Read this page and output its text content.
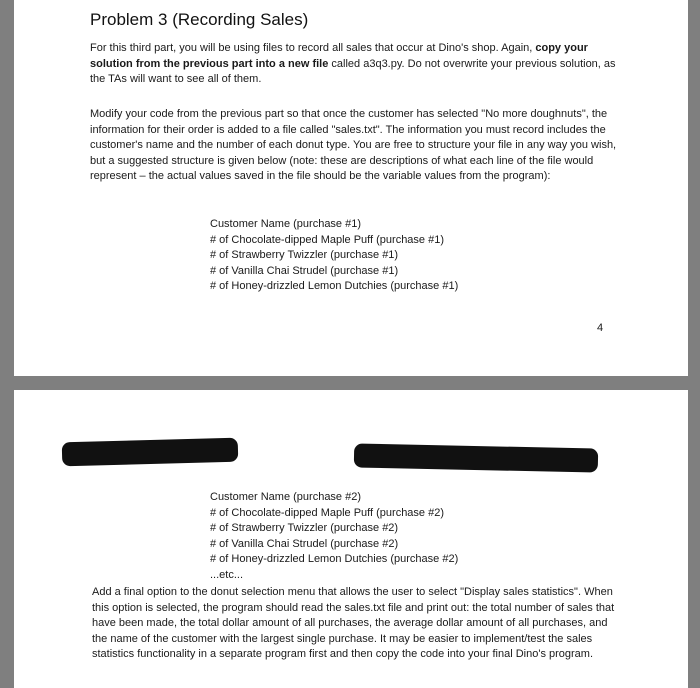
Problem 3 (Recording Sales)

For this third part, you will be using files to record all sales that occur at Dino's shop. Again, copy your solution from the previous part into a new file called a3q3.py. Do not overwrite your previous solution, as the TAs will want to see all of them.

Modify your code from the previous part so that once the customer has selected "No more doughnuts", the information for their order is added to a file called "sales.txt". The information you must record includes the customer's name and the number of each donut type. You are free to structure your file in any way you wish, but a suggested structure is given below (note: these are descriptions of what each line of the file would represent – the actual values saved in the file should be the variable values from the program):

Customer Name (purchase #1)
# of Chocolate-dipped Maple Puff (purchase #1)
# of Strawberry Twizzler (purchase #1)
# of Vanilla Chai Strudel (purchase #1)
# of Honey-drizzled Lemon Dutchies (purchase #1)
4
Customer Name (purchase #2)
# of Chocolate-dipped Maple Puff (purchase #2)
# of Strawberry Twizzler (purchase #2)
# of Vanilla Chai Strudel (purchase #2)
# of Honey-drizzled Lemon Dutchies (purchase #2)
...etc...

Add a final option to the donut selection menu that allows the user to select "Display sales statistics". When this option is selected, the program should read the sales.txt file and print out: the total number of sales that have been made, the total dollar amount of all purchases, the average dollar amount of all purchases, and the name of the customer with the largest single purchase. It may be easier to implement/test the sales statistics functionality in a separate program first and then copy the code into your final Dino's program.
